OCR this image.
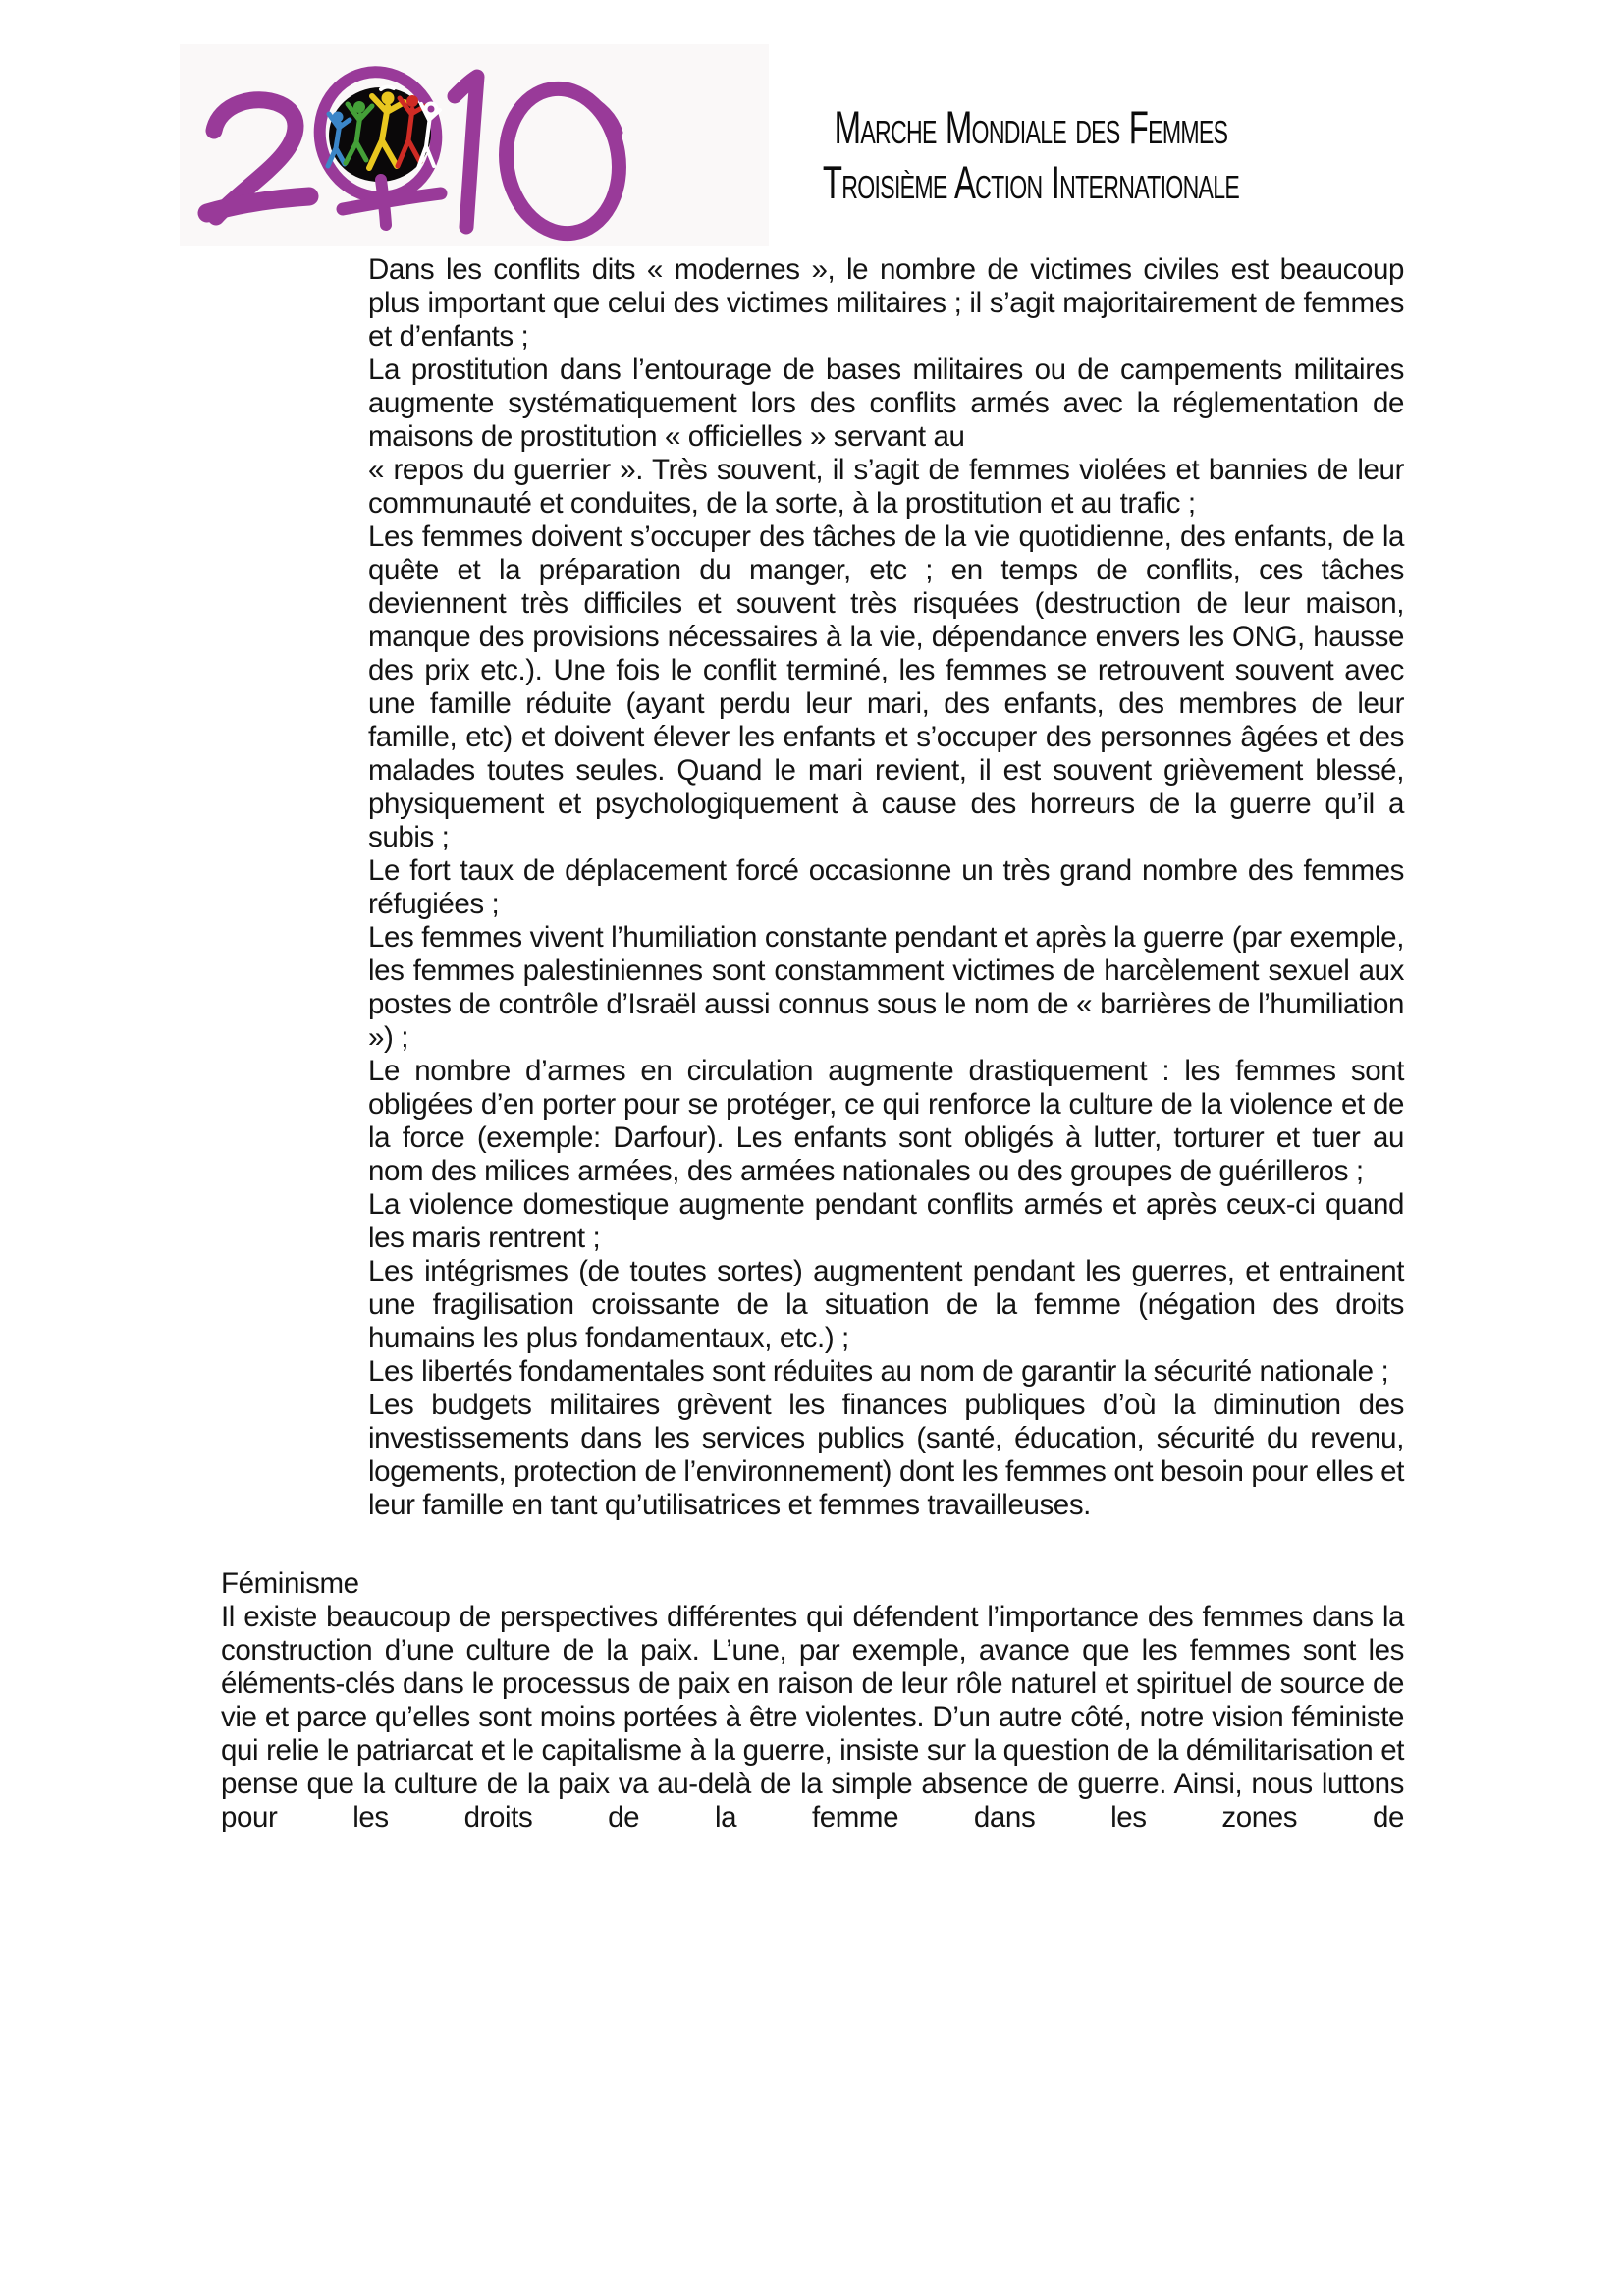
Marche Mondiale des Femmes
Troisième Action Internationale

Dans les conflits dits « modernes », le nombre de victimes civiles est beaucoup plus important que celui des victimes militaires ; il s’agit majoritairement de femmes et d’enfants ;

La prostitution dans l’entourage de bases militaires ou de campements militaires augmente systématiquement lors des conflits armés avec la réglementation de maisons de prostitution « officielles » servant au

« repos du guerrier ». Très souvent, il s’agit de femmes violées et bannies de leur communauté et conduites, de la sorte, à la prostitution et au trafic ;

Les femmes doivent s’occuper des tâches de la vie quotidienne, des enfants, de la quête et la préparation du manger, etc ; en temps de conflits, ces tâches deviennent très difficiles et souvent très risquées (destruction de leur maison, manque des provisions nécessaires à la vie, dépendance envers les ONG, hausse des prix etc.). Une fois le conflit terminé, les femmes se retrouvent souvent avec une famille réduite (ayant perdu leur mari, des enfants, des membres de leur famille, etc) et doivent élever les enfants et s’occuper des personnes âgées et des malades toutes seules. Quand le mari revient, il est souvent grièvement blessé, physiquement et psychologiquement à cause des horreurs de la guerre qu’il a subis ;

Le fort taux de déplacement forcé occasionne un très grand nombre des femmes réfugiées ;

Les femmes vivent l’humiliation constante pendant et après la guerre (par exemple, les femmes palestiniennes sont constamment victimes de harcèlement sexuel aux postes de contrôle d’Israël aussi connus sous le nom de « barrières de l’humiliation ») ;

Le nombre d’armes en circulation augmente drastiquement : les femmes sont obligées d’en porter pour se protéger, ce qui renforce la culture de la violence et de la force (exemple: Darfour). Les enfants sont obligés à lutter, torturer et tuer au nom des milices armées, des armées nationales ou des groupes de guérilleros ;

La violence domestique augmente pendant conflits armés et après ceux-ci quand les maris rentrent ;

Les intégrismes (de toutes sortes) augmentent pendant les guerres, et entrainent une fragilisation croissante de la situation de la femme (négation des droits humains les plus fondamentaux, etc.) ;

Les libertés fondamentales sont réduites au nom de garantir la sécurité nationale ;

Les budgets militaires grèvent les finances publiques d’où la diminution des investissements dans les services publics (santé, éducation, sécurité du revenu, logements, protection de l’environnement) dont les femmes ont besoin pour elles et leur famille en tant qu’utilisatrices et femmes travailleuses.

Féminisme

Il existe beaucoup de perspectives différentes qui défendent l’importance des femmes dans la construction d’une culture de la paix. L’une, par exemple, avance que les femmes sont les éléments-clés dans le processus de paix en raison de leur rôle naturel et spirituel de source de vie et parce qu’elles sont moins portées à être violentes. D’un autre côté, notre vision féministe qui relie le patriarcat et le capitalisme à la guerre, insiste sur la question de la démilitarisation et pense que la culture de la paix va au-delà de la simple absence de guerre. Ainsi, nous luttons pour les droits de la femme dans les zones de
